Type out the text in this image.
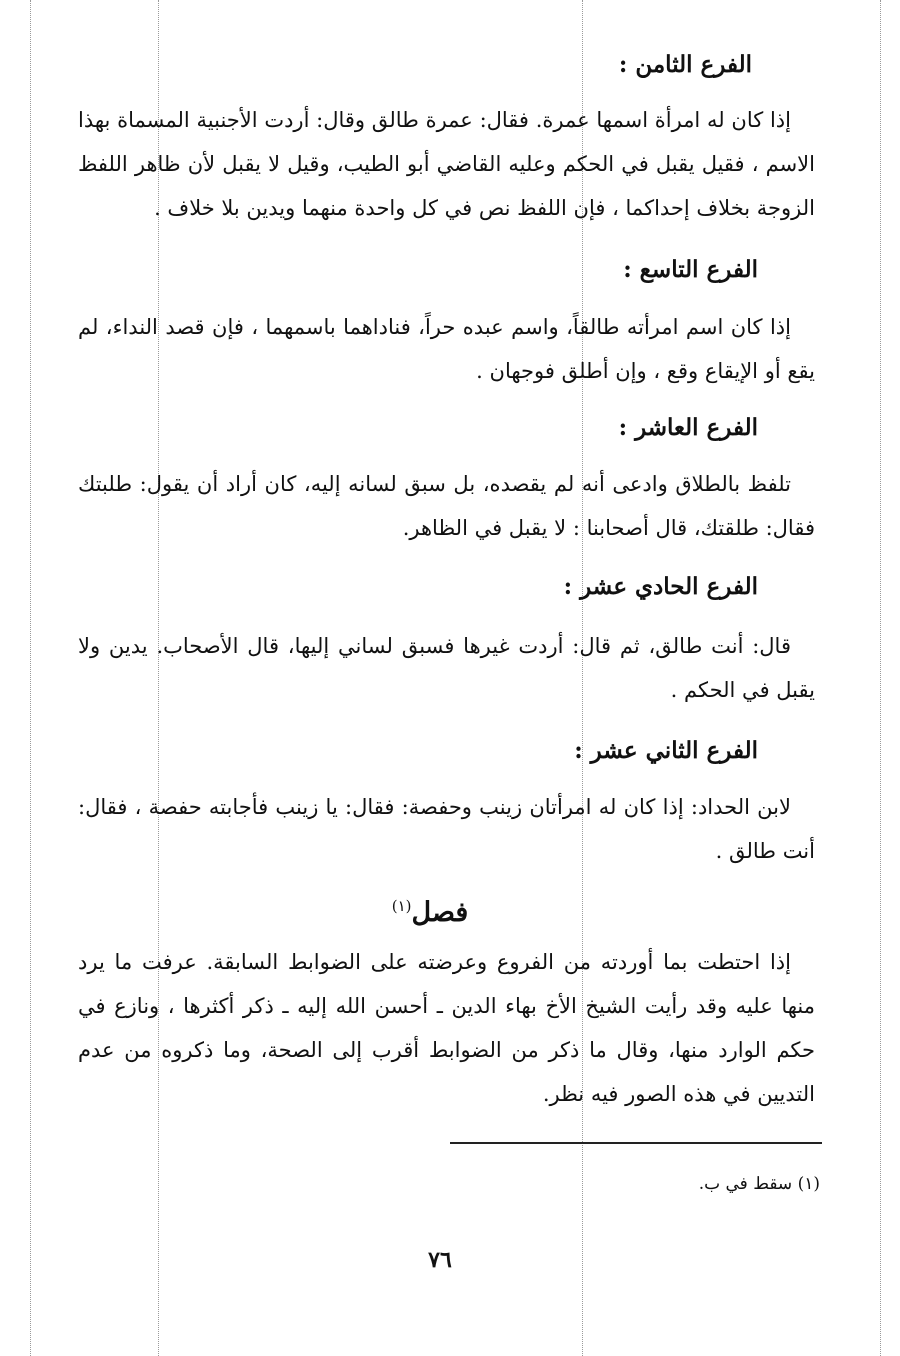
الفرع الثامن :
إذا كان له امرأة اسمها عمرة. فقال: عمرة طالق وقال: أردت الأجنبية المسماة بهذا الاسم ، فقيل يقبل في الحكم وعليه القاضي أبو الطيب، وقيل لا يقبل لأن ظاهر اللفظ الزوجة بخلاف إحداكما ، فإن اللفظ نص في كل واحدة منهما ويدين بلا خلاف .
الفرع التاسع :
إذا كان اسم امرأته طالقاً، واسم عبده حراً، فناداهما باسمهما ، فإن قصد النداء، لم يقع أو الإيقاع وقع ، وإن أطلق فوجهان .
الفرع العاشر :
تلفظ بالطلاق وادعى أنه لم يقصده، بل سبق لسانه إليه، كان أراد أن يقول: طلبتك فقال: طلقتك، قال أصحابنا : لا يقبل في الظاهر.
الفرع الحادي عشر :
قال: أنت طالق، ثم قال: أردت غيرها فسبق لساني إليها، قال الأصحاب. يدين ولا يقبل في الحكم .
الفرع الثاني عشر :
لابن الحداد: إذا كان له امرأتان زينب وحفصة: فقال: يا زينب فأجابته حفصة ، فقال: أنت طالق .
فصل$^{(١)}$
إذا احتطت بما أوردته من الفروع وعرضته على الضوابط السابقة. عرفت ما يرد منها عليه وقد رأيت الشيخ الأخ بهاء الدين ـ أحسن الله إليه ـ ذكر أكثرها ، ونازع في حكم الوارد منها، وقال ما ذكر من الضوابط أقرب إلى الصحة، وما ذكروه من عدم التديين في هذه الصور فيه نظر.
(١) سقط في ب.
٧٦
